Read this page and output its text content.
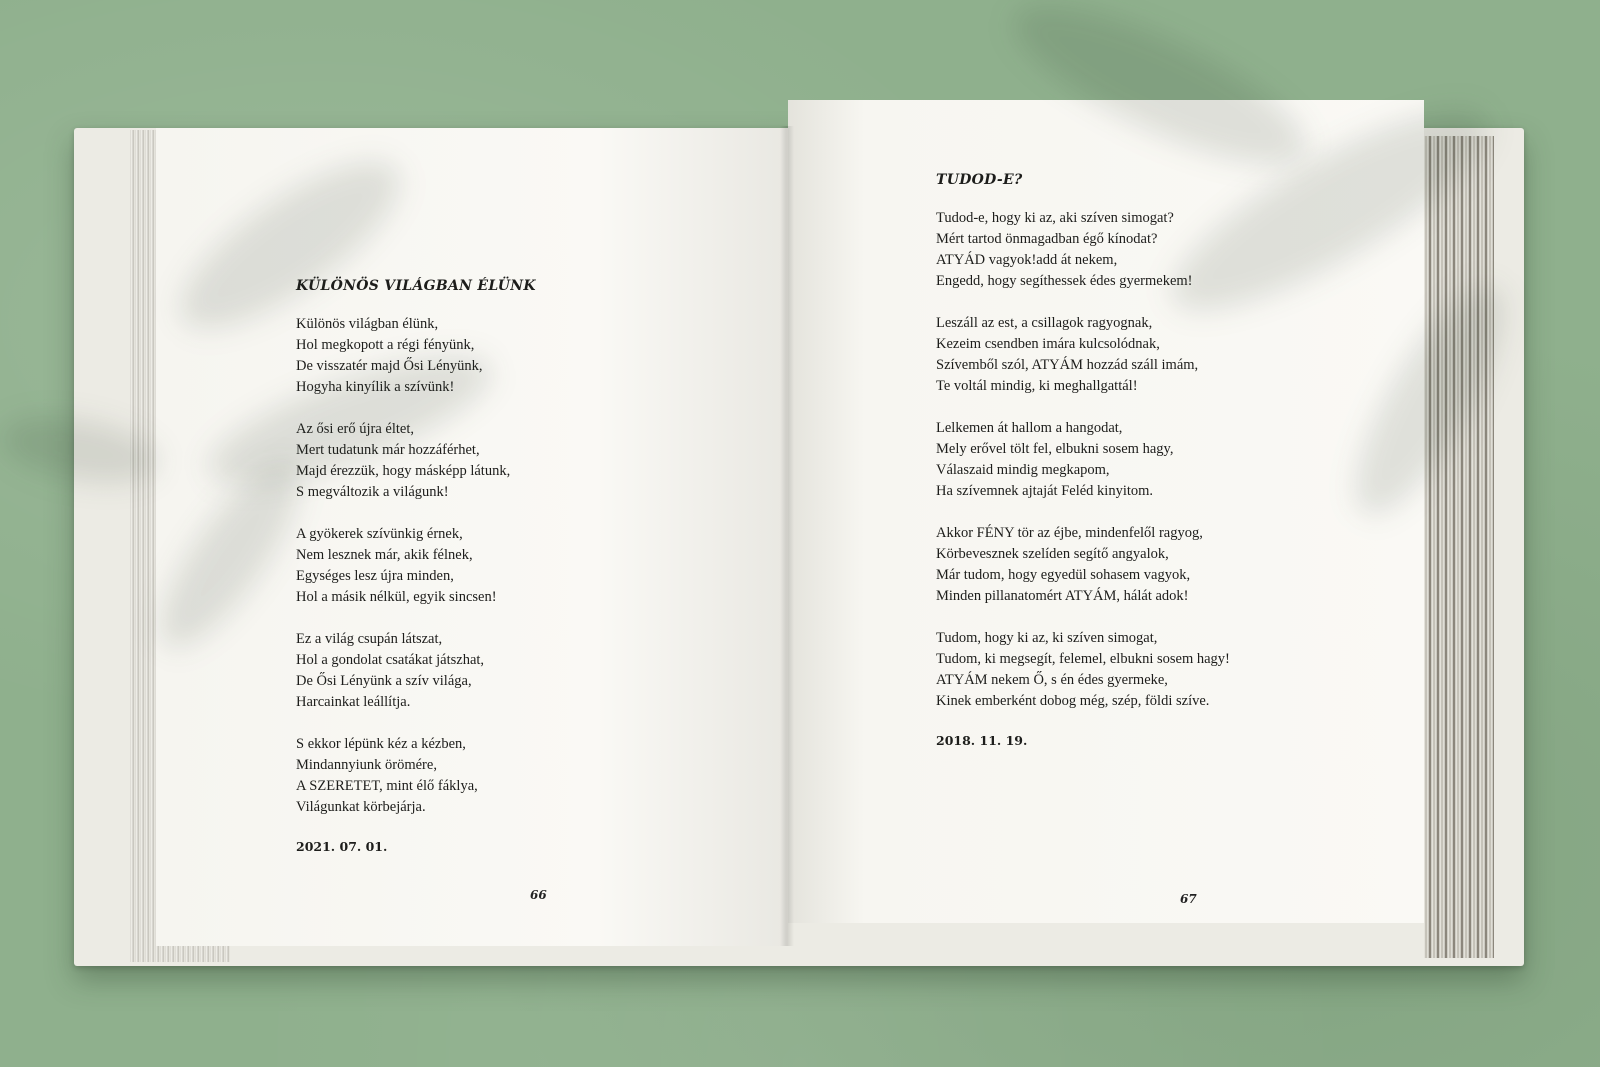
KÜLÖNÖS VILÁGBAN ÉLÜNK
Különös világban élünk,
Hol megkopott a régi fényünk,
De visszatér majd Ősi Lényünk,
Hogyha kinyílik a szívünk!
Az ősi erő újra éltet,
Mert tudatunk már hozzáférhet,
Majd érezzük, hogy másképp látunk,
S megváltozik a világunk!
A gyökerek szívünkig érnek,
Nem lesznek már, akik félnek,
Egységes lesz újra minden,
Hol a másik nélkül, egyik sincsen!
Ez a világ csupán látszat,
Hol a gondolat csatákat játszhat,
De Ősi Lényünk a szív világa,
Harcainkat leállítja.
S ekkor lépünk kéz a kézben,
Mindannyiunk örömére,
A SZERETET, mint élő fáklya,
Világunkat körbejárja.
2021. 07. 01.
66
TUDOD-E?
Tudod-e, hogy ki az, aki szíven simogat?
Mért tartod önmagadban égő kínodat?
ATYÁD vagyok!add át nekem,
Engedd, hogy segíthessek édes gyermekem!
Leszáll az est, a csillagok ragyognak,
Kezeim csendben imára kulcsolódnak,
Szívemből szól, ATYÁM hozzád száll imám,
Te voltál mindig, ki meghallgattál!
Lelkemen át hallom a hangodat,
Mely erővel tölt fel, elbukni sosem hagy,
Válaszaid mindig megkapom,
Ha szívemnek ajtaját Feléd kinyitom.
Akkor FÉNY tör az éjbe, mindenfelől ragyog,
Körbevesznek szelíden segítő angyalok,
Már tudom, hogy egyedül sohasem vagyok,
Minden pillanatomért ATYÁM, hálát adok!
Tudom, hogy ki az, ki szíven simogat,
Tudom, ki megsegít, felemel, elbukni sosem hagy!
ATYÁM nekem Ő, s én édes gyermeke,
Kinek emberként dobog még, szép, földi szíve.
2018. 11. 19.
67
